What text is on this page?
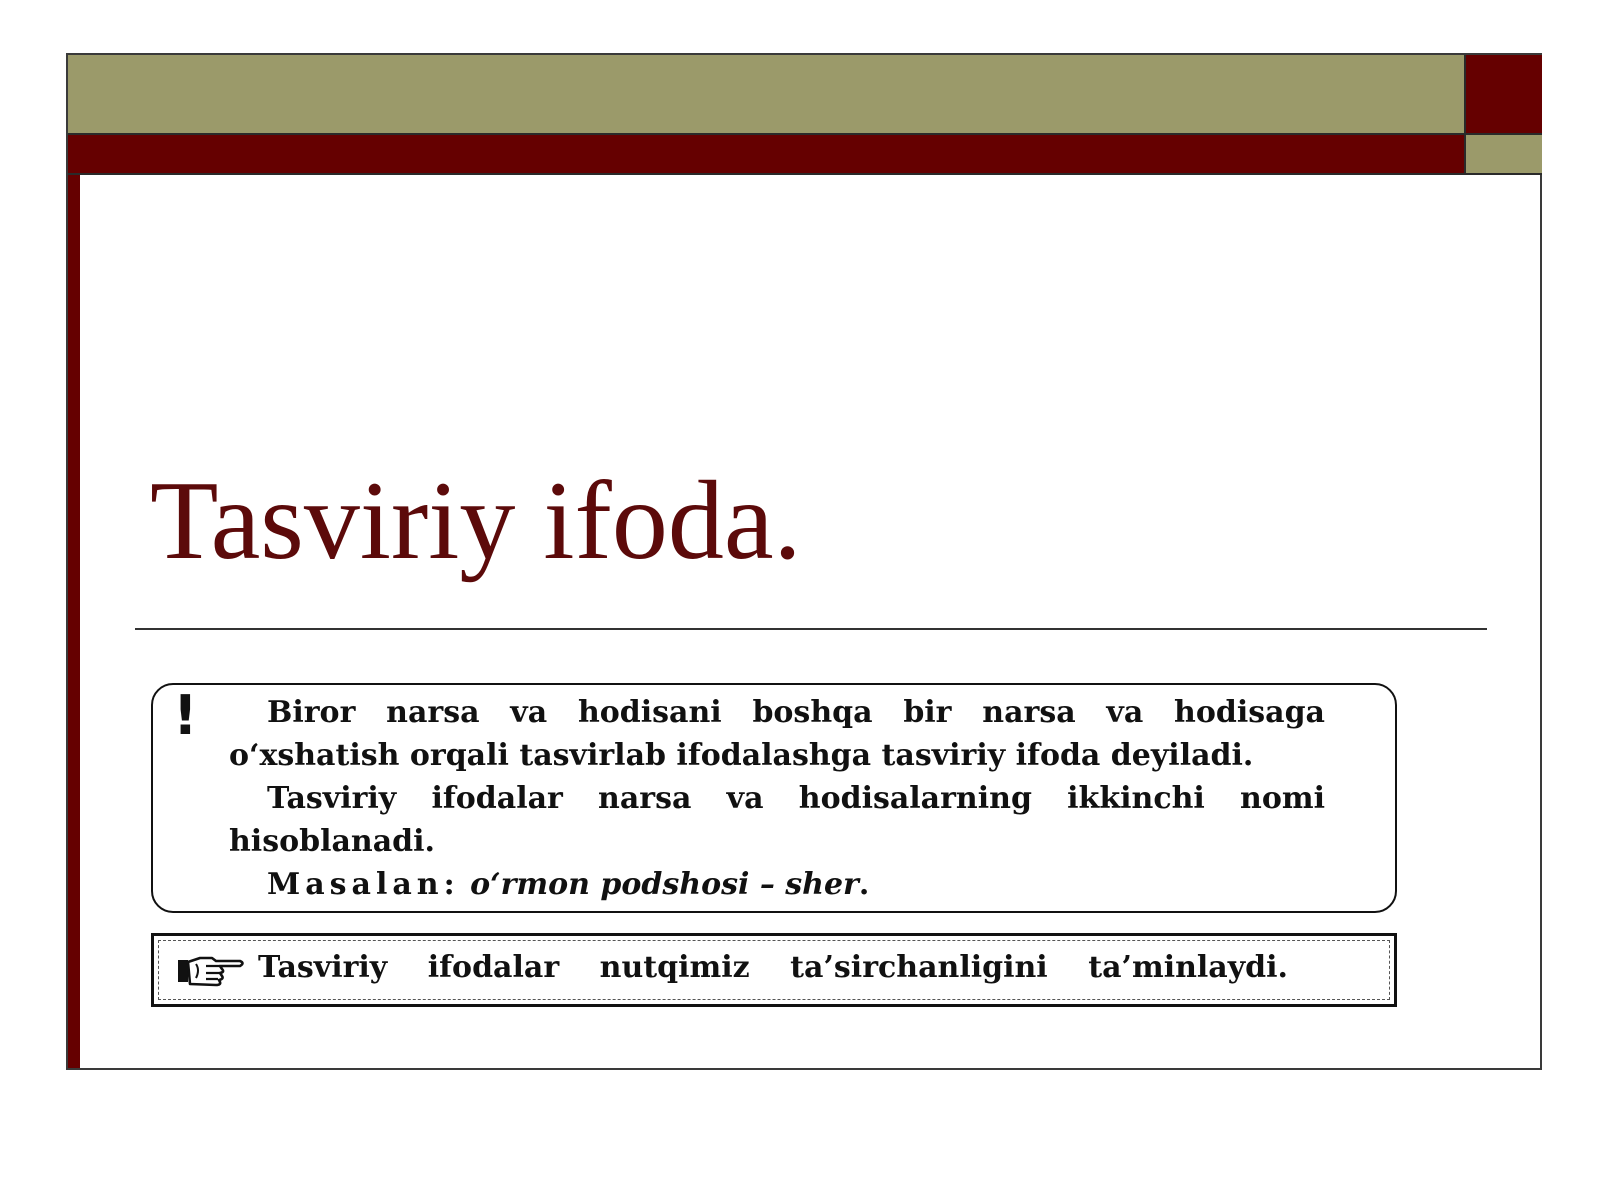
Tasviriy ifoda.
!	Biror narsa va hodisani boshqa bir narsa va hodisaga o‘xshatish orqali tasvirlab ifodalashga tasviriy ifoda deyiladi.

Tasviriy ifodalar narsa va hodisalarning ikkinchi nomi hisoblanadi.

Masalan: o‘rmon podshosi – sher.

Tasviriy ifodalar nutqimiz ta’sirchanligini ta’minlaydi.
